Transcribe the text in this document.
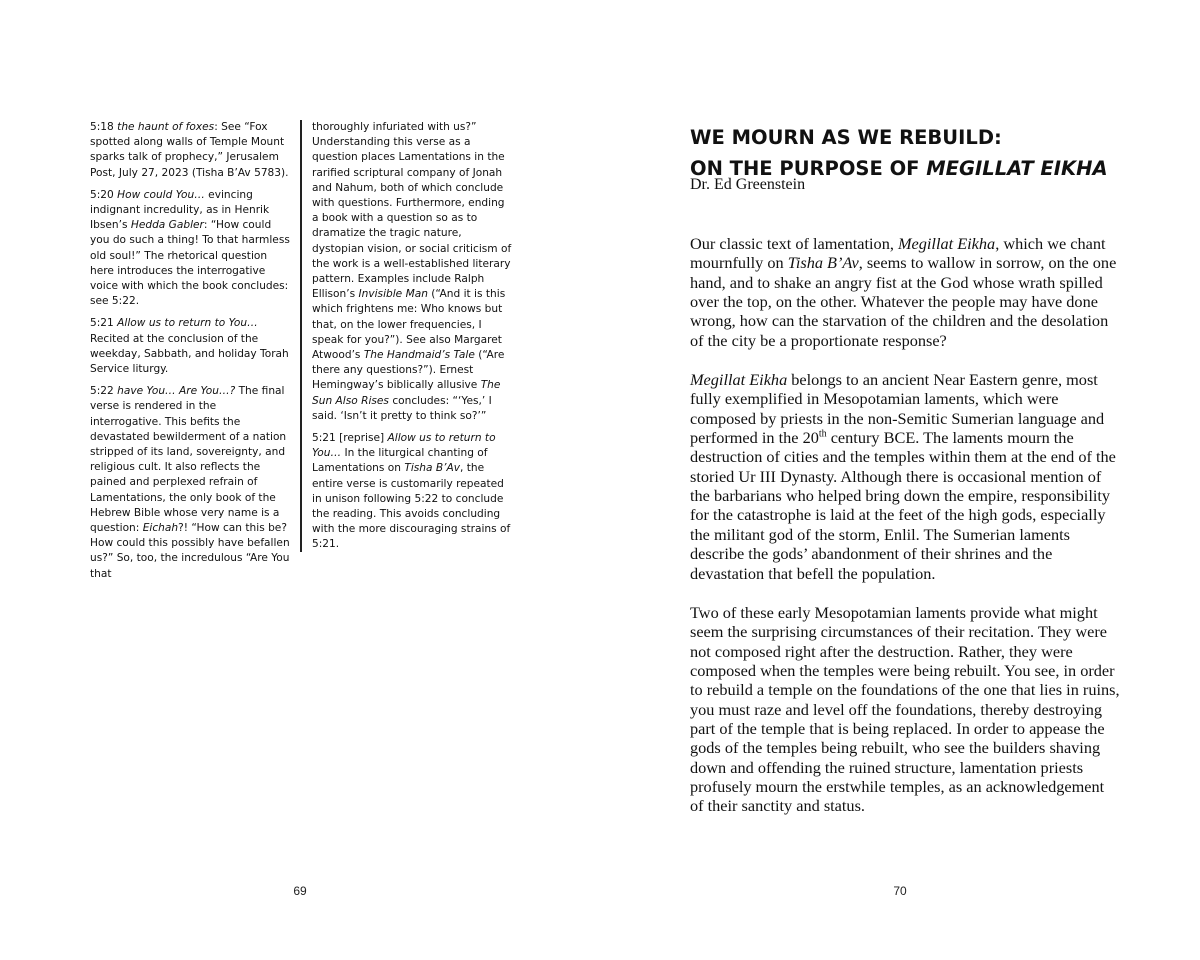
5:18 the haunt of foxes: See “Fox spotted along walls of Temple Mount sparks talk of prophecy,” Jerusalem Post, July 27, 2023 (Tisha B’Av 5783).

5:20 How could You… evincing indignant incredulity, as in Henrik Ibsen’s Hedda Gabler: “How could you do such a thing! To that harmless old soul!” The rhetorical question here introduces the interrogative voice with which the book concludes: see 5:22.

5:21 Allow us to return to You…Recited at the conclusion of the weekday, Sabbath, and holiday Torah Service liturgy.

5:22 have You… Are You…? The final verse is rendered in the interrogative. This befits the devastated bewilderment of a nation stripped of its land, sovereignty, and religious cult. It also reflects the pained and perplexed refrain of Lamentations, the only book of the Hebrew Bible whose very name is a question: Eichah?! “How can this be? How could this possibly have befallen us?” So, too, the incredulous “Are You that

thoroughly infuriated with us?” Understanding this verse as a question places Lamentations in the rarified scriptural company of Jonah and Nahum, both of which conclude with questions. Furthermore, ending a book with a question so as to dramatize the tragic nature, dystopian vision, or social criticism of the work is a well-established literary pattern. Examples include Ralph Ellison’s Invisible Man (“And it is this which frightens me: Who knows but that, on the lower frequencies, I speak for you?”). See also Margaret Atwood’s The Handmaid’s Tale (“Are there any questions?”). Ernest Hemingway’s biblically allusive The Sun Also Rises concludes: “‘Yes,’ I said. ‘Isn’t it pretty to think so?’”

5:21 [reprise] Allow us to return to You… In the liturgical chanting of Lamentations on Tisha B’Av, the entire verse is customarily repeated in unison following 5:22 to conclude the reading. This avoids concluding with the more discouraging strains of 5:21.

69
WE MOURN AS WE REBUILD:
ON THE PURPOSE OF MEGILLAT EIKHA
Dr. Ed Greenstein

Our classic text of lamentation, Megillat Eikha, which we chant mournfully on Tisha B’Av, seems to wallow in sorrow, on the one hand, and to shake an angry fist at the God whose wrath spilled over the top, on the other. Whatever the people may have done wrong, how can the starvation of the children and the desolation of the city be a proportionate response?

Megillat Eikha belongs to an ancient Near Eastern genre, most fully exemplified in Mesopotamian laments, which were composed by priests in the non-Semitic Sumerian language and performed in the 20th century BCE. The laments mourn the destruction of cities and the temples within them at the end of the storied Ur III Dynasty. Although there is occasional mention of the barbarians who helped bring down the empire, responsibility for the catastrophe is laid at the feet of the high gods, especially the militant god of the storm, Enlil. The Sumerian laments describe the gods’ abandonment of their shrines and the devastation that befell the population.

Two of these early Mesopotamian laments provide what might seem the surprising circumstances of their recitation. They were not composed right after the destruction. Rather, they were composed when the temples were being rebuilt. You see, in order to rebuild a temple on the foundations of the one that lies in ruins, you must raze and level off the foundations, thereby destroying part of the temple that is being replaced. In order to appease the gods of the temples being rebuilt, who see the builders shaving down and offending the ruined structure, lamentation priests profusely mourn the erstwhile temples, as an acknowledgement of their sanctity and status.

70
